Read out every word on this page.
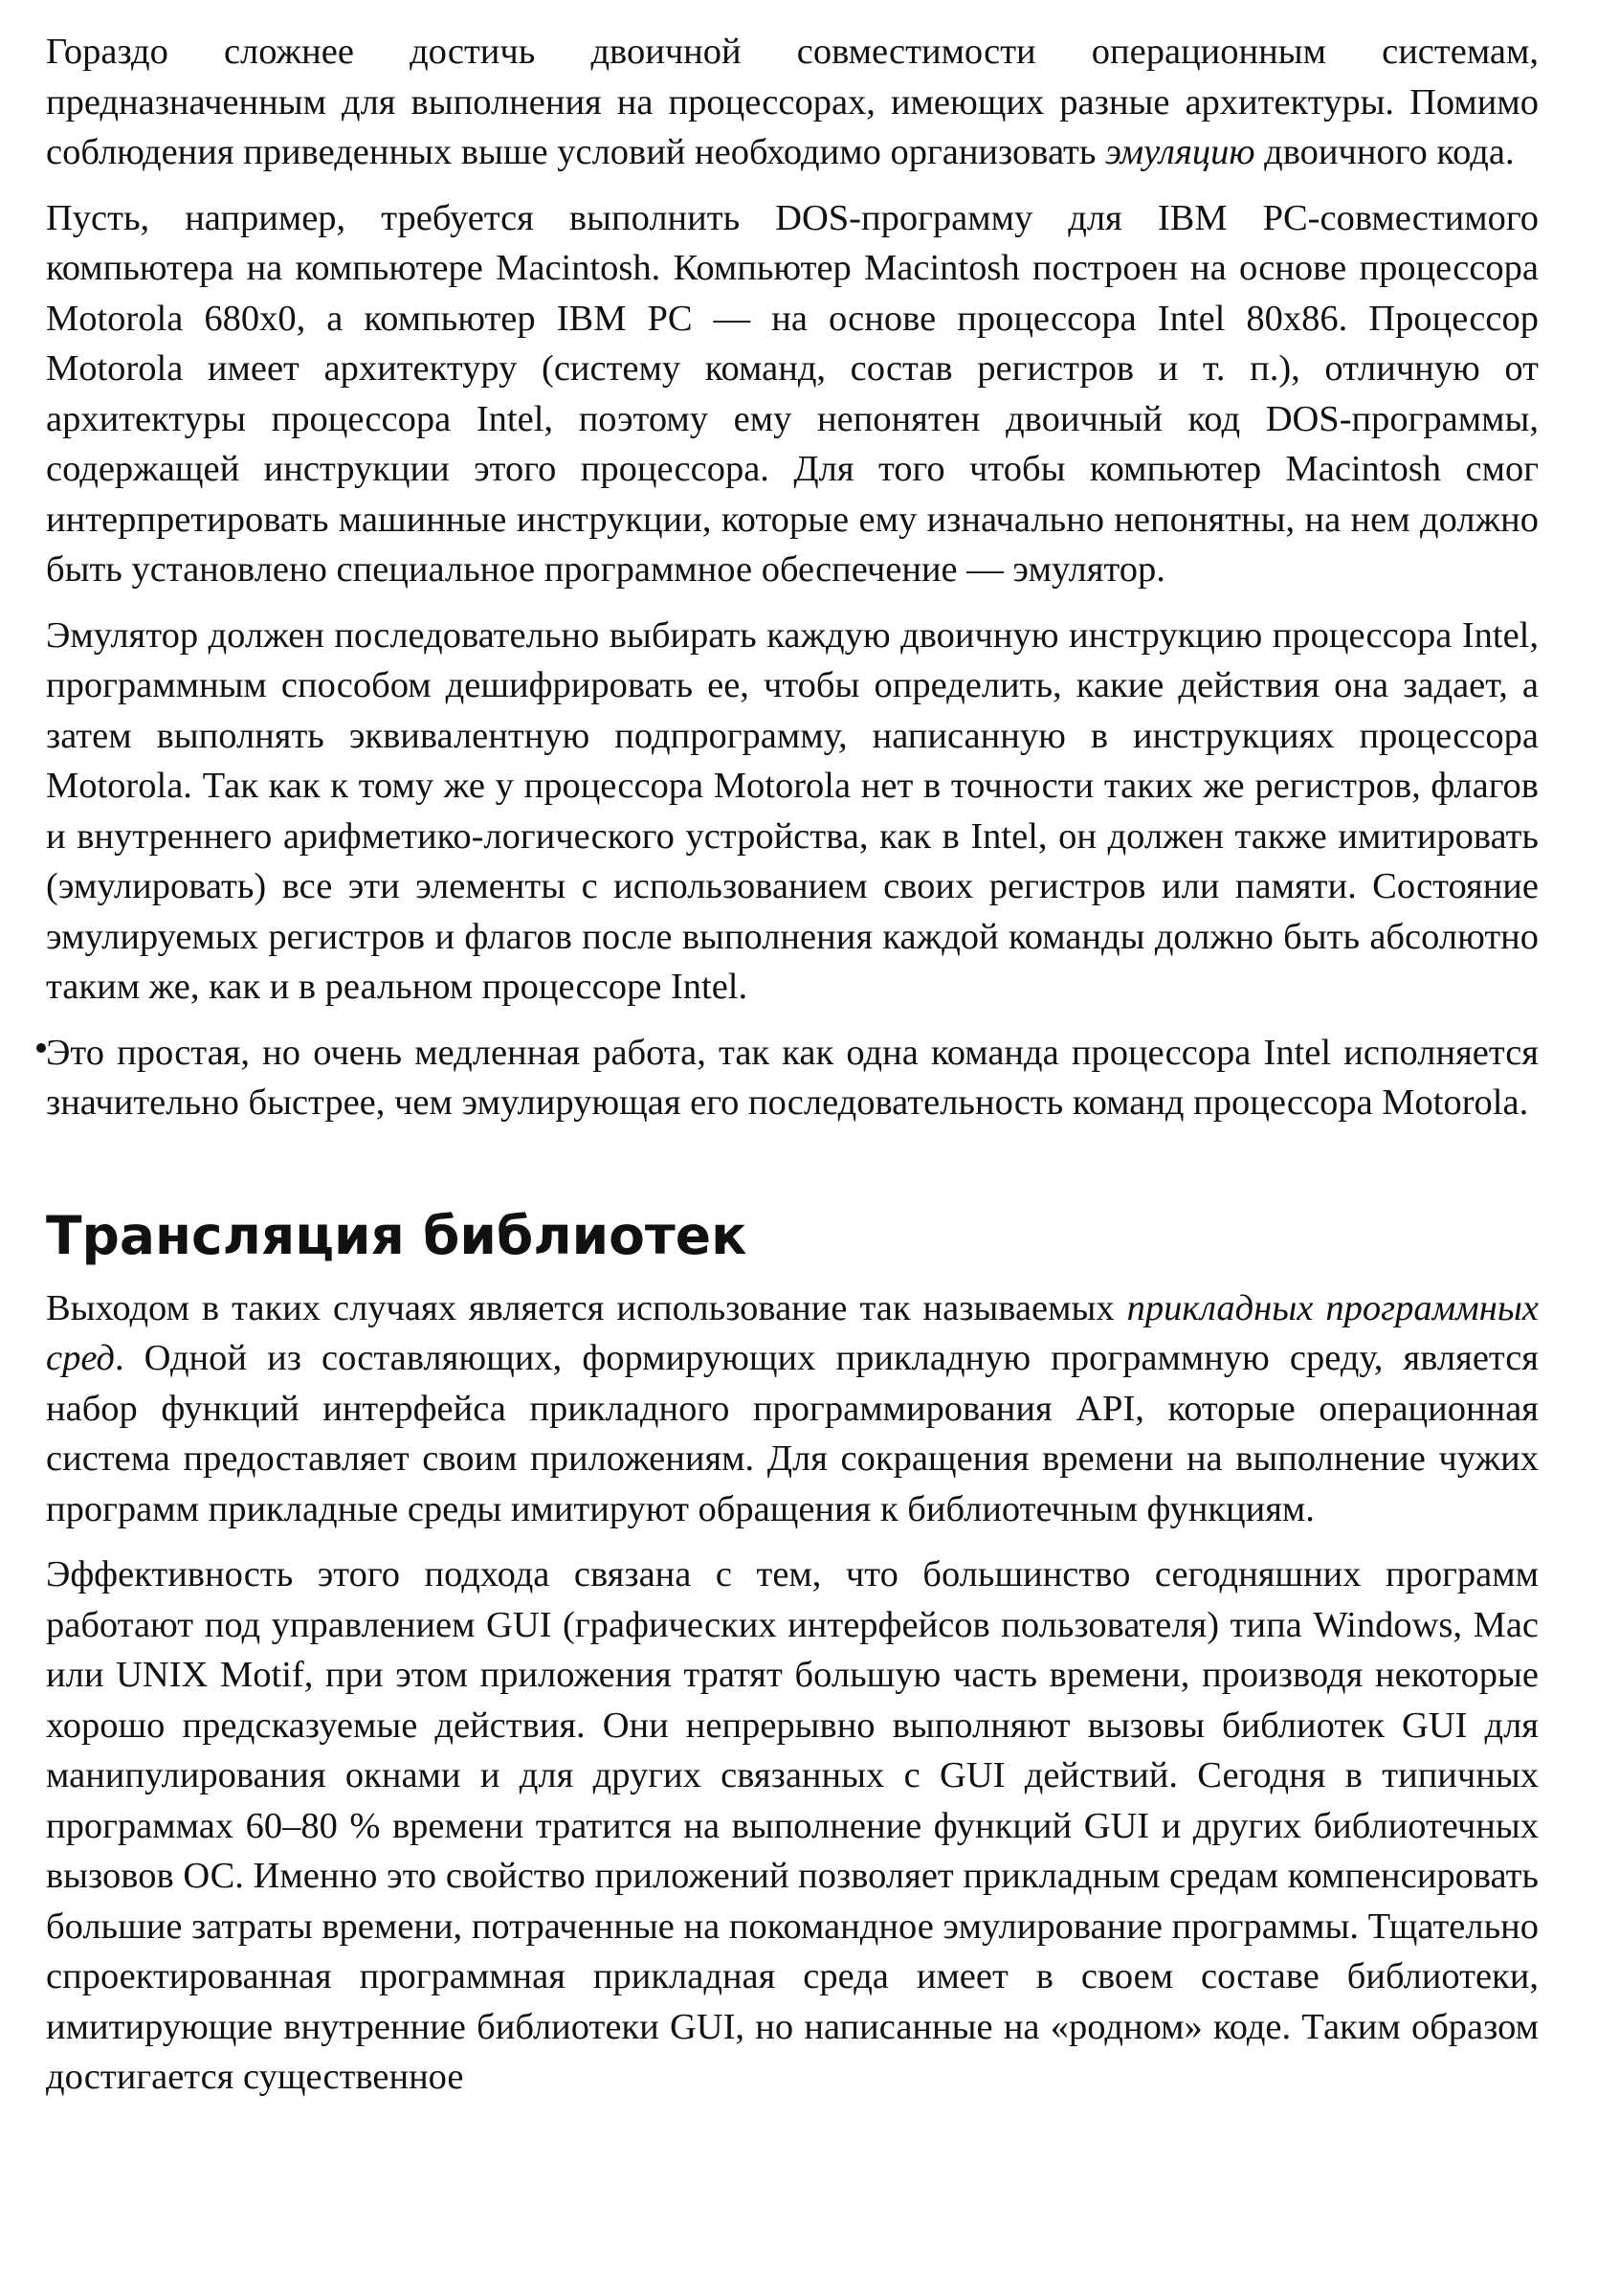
Гораздо сложнее достичь двоичной совместимости операционным системам, предназначенным для выполнения на процессорах, имеющих разные архитектуры. Помимо соблюдения приведенных выше условий необходимо организовать эмуляцию двоичного кода.

Пусть, например, требуется выполнить DOS-программу для IBM PC-совместимого компьютера на компьютере Macintosh. Компьютер Macintosh построен на основе процессора Motorola 680x0, а компьютер IBM PC — на основе процессора Intel 80x86. Процессор Motorola имеет архитектуру (систему команд, состав регистров и т. п.), отличную от архитектуры процессора Intel, поэтому ему непонятен двоичный код DOS-программы, содержащей инструкции этого процессора. Для того чтобы компьютер Macintosh смог интерпретировать машинные инструкции, которые ему изначально непонятны, на нем должно быть установлено специальное программное обеспечение — эмулятор.

Эмулятор должен последовательно выбирать каждую двоичную инструкцию процессора Intel, программным способом дешифрировать ее, чтобы определить, какие действия она задает, а затем выполнять эквивалентную подпрограмму, написанную в инструкциях процессора Motorola. Так как к тому же у процессора Motorola нет в точности таких же регистров, флагов и внутреннего арифметико-логического устройства, как в Intel, он должен также имитировать (эмулировать) все эти элементы с использованием своих регистров или памяти. Состояние эмулируемых регистров и флагов после выполнения каждой команды должно быть абсолютно таким же, как и в реальном процессоре Intel.

Это простая, но очень медленная работа, так как одна команда процессора Intel исполняется значительно быстрее, чем эмулирующая его последовательность команд процессора Motorola.

Трансляция библиотек

Выходом в таких случаях является использование так называемых прикладных программных сред. Одной из составляющих, формирующих прикладную программную среду, является набор функций интерфейса прикладного программирования API, которые операционная система предоставляет своим приложениям. Для сокращения времени на выполнение чужих программ прикладные среды имитируют обращения к библиотечным функциям.

Эффективность этого подхода связана с тем, что большинство сегодняшних программ работают под управлением GUI (графических интерфейсов пользователя) типа Windows, Mac или UNIX Motif, при этом приложения тратят большую часть времени, производя некоторые хорошо предсказуемые действия. Они непрерывно выполняют вызовы библиотек GUI для манипулирования окнами и для других связанных с GUI действий. Сегодня в типичных программах 60–80 % времени тратится на выполнение функций GUI и других библиотечных вызовов ОС. Именно это свойство приложений позволяет прикладным средам компенсировать большие затраты времени, потраченные на покомандное эмулирование программы. Тщательно спроектированная программная прикладная среда имеет в своем составе библиотеки, имитирующие внутренние библиотеки GUI, но написанные на «родном» коде. Таким образом достигается существенное
